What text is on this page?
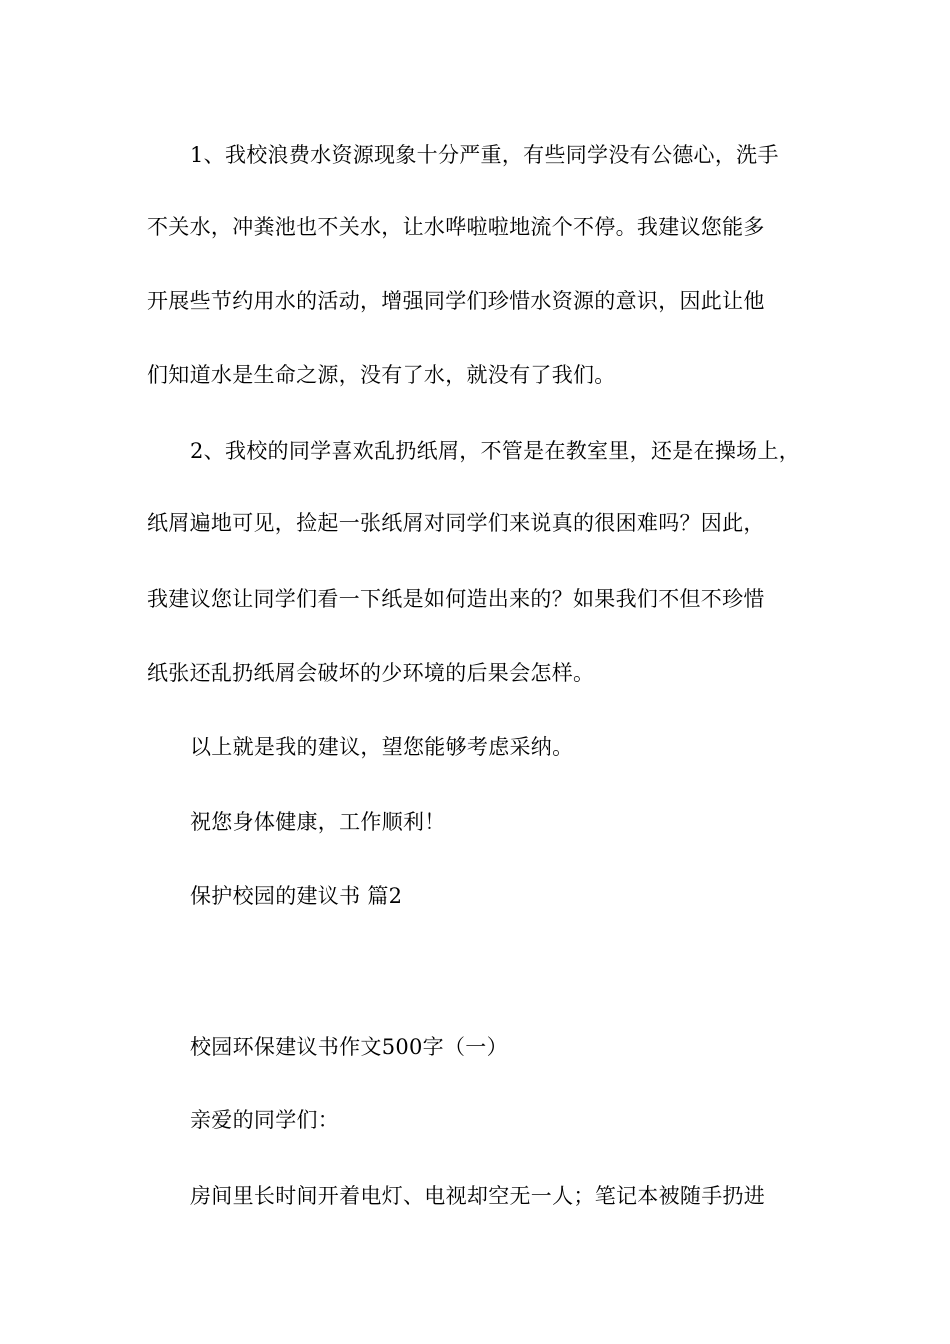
1、我校浪费水资源现象十分严重，有些同学没有公德心，洗手
不关水，冲粪池也不关水，让水哗啦啦地流个不停。我建议您能多
开展些节约用水的活动，增强同学们珍惜水资源的意识，因此让他
们知道水是生命之源，没有了水，就没有了我们。
2、我校的同学喜欢乱扔纸屑，不管是在教室里，还是在操场上，
纸屑遍地可见，捡起一张纸屑对同学们来说真的很困难吗？因此，
我建议您让同学们看一下纸是如何造出来的？如果我们不但不珍惜
纸张还乱扔纸屑会破坏的少环境的后果会怎样。
以上就是我的建议，望您能够考虑采纳。
祝您身体健康，工作顺利！
保护校园的建议书 篇2
校园环保建议书作文500字（一）
亲爱的同学们：
房间里长时间开着电灯、电视却空无一人；笔记本被随手扔进
